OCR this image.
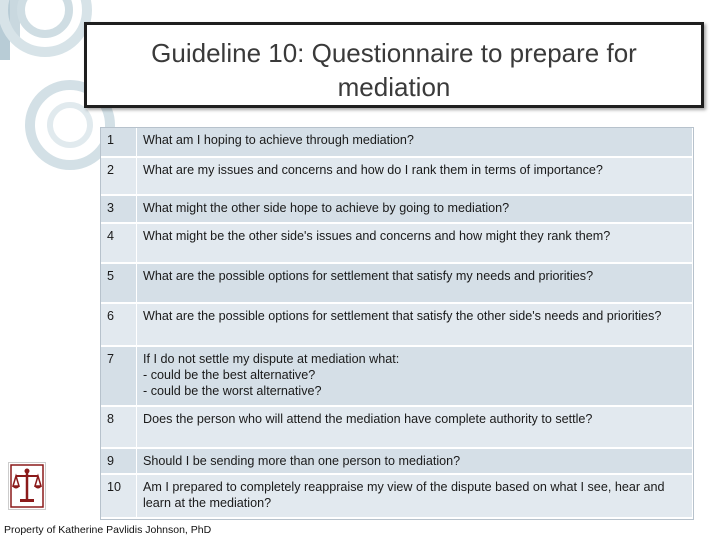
Guideline 10: Questionnaire to prepare for mediation
1	What am I hoping to achieve through mediation?

2	What are my issues and concerns and how do I rank them in terms of importance?

3	What might the other side hope to achieve by going to mediation?

4	What might be the other side's issues and concerns and how might they rank them?

5	What are the possible options for settlement that satisfy my needs and priorities?

6	What are the possible options for settlement that satisfy the other side's needs and priorities?

7	If I do not settle my dispute at mediation what:
- could be the best alternative?
- could be the worst alternative?

8	Does the person who will attend the mediation have complete authority to settle?

9	Should I be sending more than one person to mediation?

10	Am I prepared to completely reappraise my view of the dispute based on what I see, hear and learn at the mediation?
Property of Katherine Pavlidis Johnson, PhD
